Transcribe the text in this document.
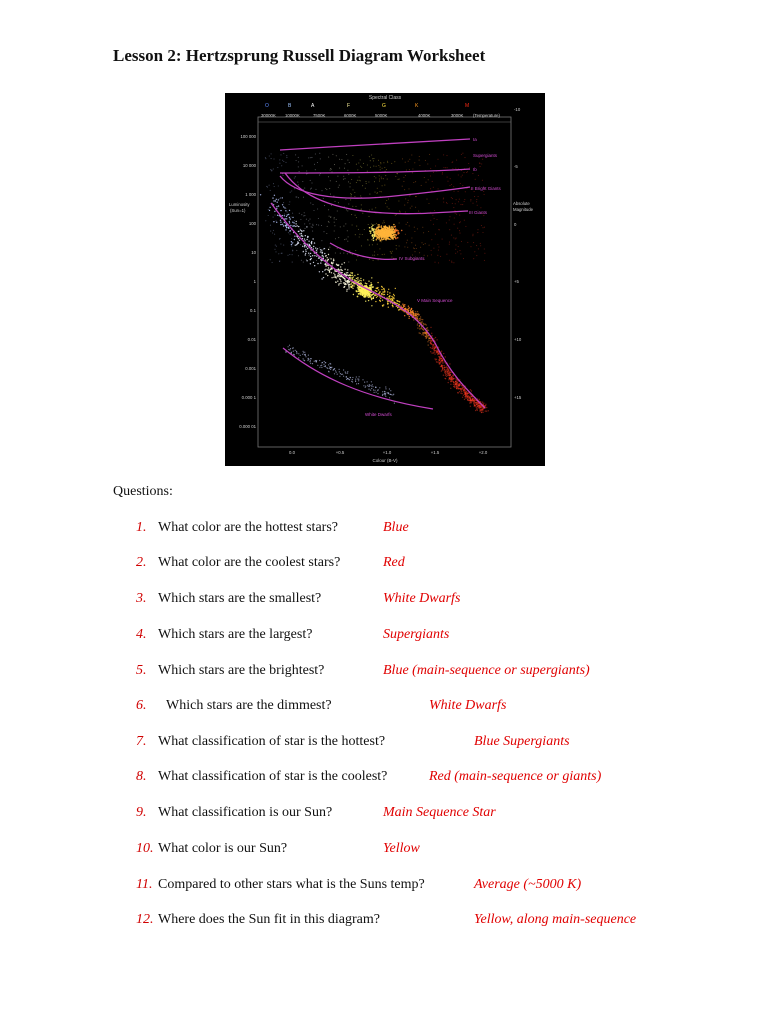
Lesson 2: Hertzsprung Russell Diagram Worksheet
Spectral Class
O	B	A	F	G	K	M
30000K 10000K	7500K	6000K	5000K	4000K	3000K (Temperature)
100 000
10 000
1 000
100
10
1
0.1
0.01
0.001
0.000 1
0.000 01
Luminosity
(Sun=1)
-10
-5
0
+5
+10
+15
Absolute
Magnitude
0.0	+0.5	+1.0	+1.5	+2.0
Colour (B-V)
Ia
Supergiants
Ib
II Bright Giants
III Giants
IV Subgiants
V Main Sequence
White Dwarfs
Questions:
1. What color are the hottest stars?	Blue
2. What color are the coolest stars?	Red
3. Which stars are the smallest?	White Dwarfs
4. Which stars are the largest?	Supergiants
5. Which stars are the brightest?	Blue (main-sequence or supergiants)
6. Which stars are the dimmest?	White Dwarfs
7. What classification of star is the hottest?	Blue Supergiants
8. What classification of star is the coolest?	Red (main-sequence or giants)
9. What classification is our Sun?	Main Sequence Star
10. What color is our Sun?	Yellow
11. Compared to other stars what is the Suns temp?	Average (~5000 K)
12. Where does the Sun fit in this diagram?	Yellow, along main-sequence
